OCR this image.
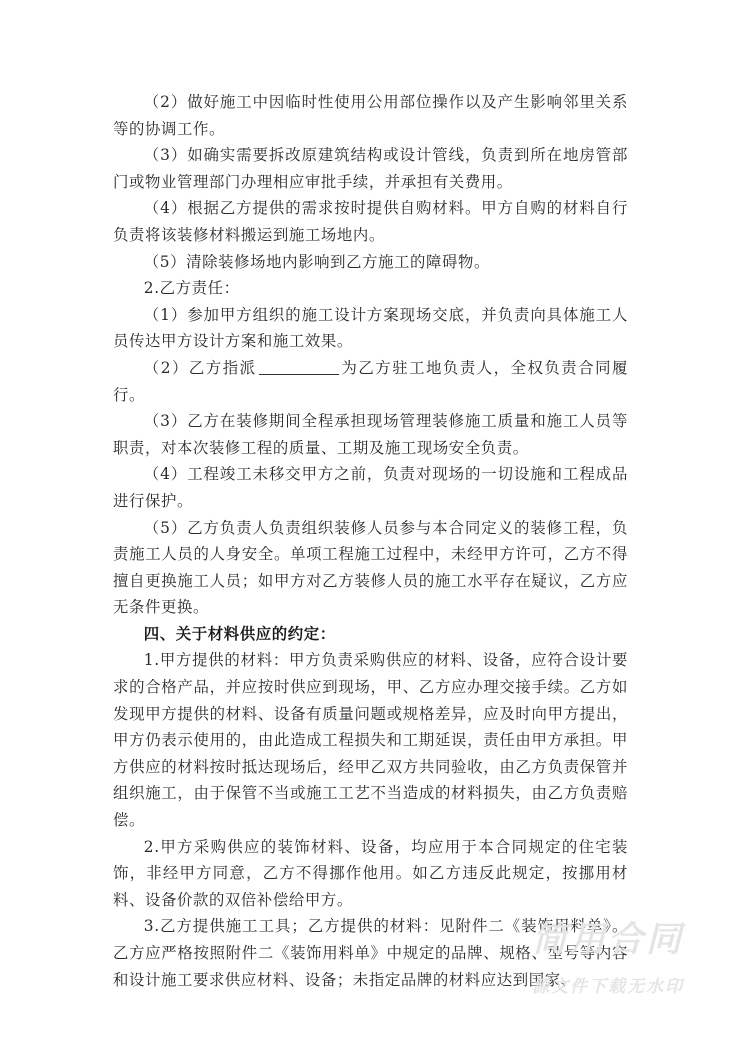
（2）做好施工中因临时性使用公用部位操作以及产生影响邻里关系等的协调工作。

（3）如确实需要拆改原建筑结构或设计管线，负责到所在地房管部门或物业管理部门办理相应审批手续，并承担有关费用。

（4）根据乙方提供的需求按时提供自购材料。甲方自购的材料自行负责将该装修材料搬运到施工场地内。

（5）清除装修场地内影响到乙方施工的障碍物。

2.乙方责任：

（1）参加甲方组织的施工设计方案现场交底，并负责向具体施工人员传达甲方设计方案和施工效果。

（2）乙方指派	为乙方驻工地负责人，全权负责合同履行。

（3）乙方在装修期间全程承担现场管理装修施工质量和施工人员等职责，对本次装修工程的质量、工期及施工现场安全负责。

（4）工程竣工未移交甲方之前，负责对现场的一切设施和工程成品进行保护。

（5）乙方负责人负责组织装修人员参与本合同定义的装修工程，负责施工人员的人身安全。单项工程施工过程中，未经甲方许可，乙方不得擅自更换施工人员；如甲方对乙方装修人员的施工水平存在疑议，乙方应无条件更换。

四、关于材料供应的约定：

1.甲方提供的材料：甲方负责采购供应的材料、设备，应符合设计要求的合格产品，并应按时供应到现场，甲、乙方应办理交接手续。乙方如发现甲方提供的材料、设备有质量问题或规格差异，应及时向甲方提出，甲方仍表示使用的，由此造成工程损失和工期延误，责任由甲方承担。甲方供应的材料按时抵达现场后，经甲乙双方共同验收，由乙方负责保管并组织施工，由于保管不当或施工工艺不当造成的材料损失，由乙方负责赔偿。

2.甲方采购供应的装饰材料、设备，均应用于本合同规定的住宅装饰，非经甲方同意，乙方不得挪作他用。如乙方违反此规定，按挪用材料、设备价款的双倍补偿给甲方。

3.乙方提供施工工具；乙方提供的材料：见附件二《装饰用料单》。乙方应严格按照附件二《装饰用料单》中规定的品牌、规格、型号等内容和设计施工要求供应材料、设备；未指定品牌的材料应达到国家、

简用合同
源文件下载无水印
